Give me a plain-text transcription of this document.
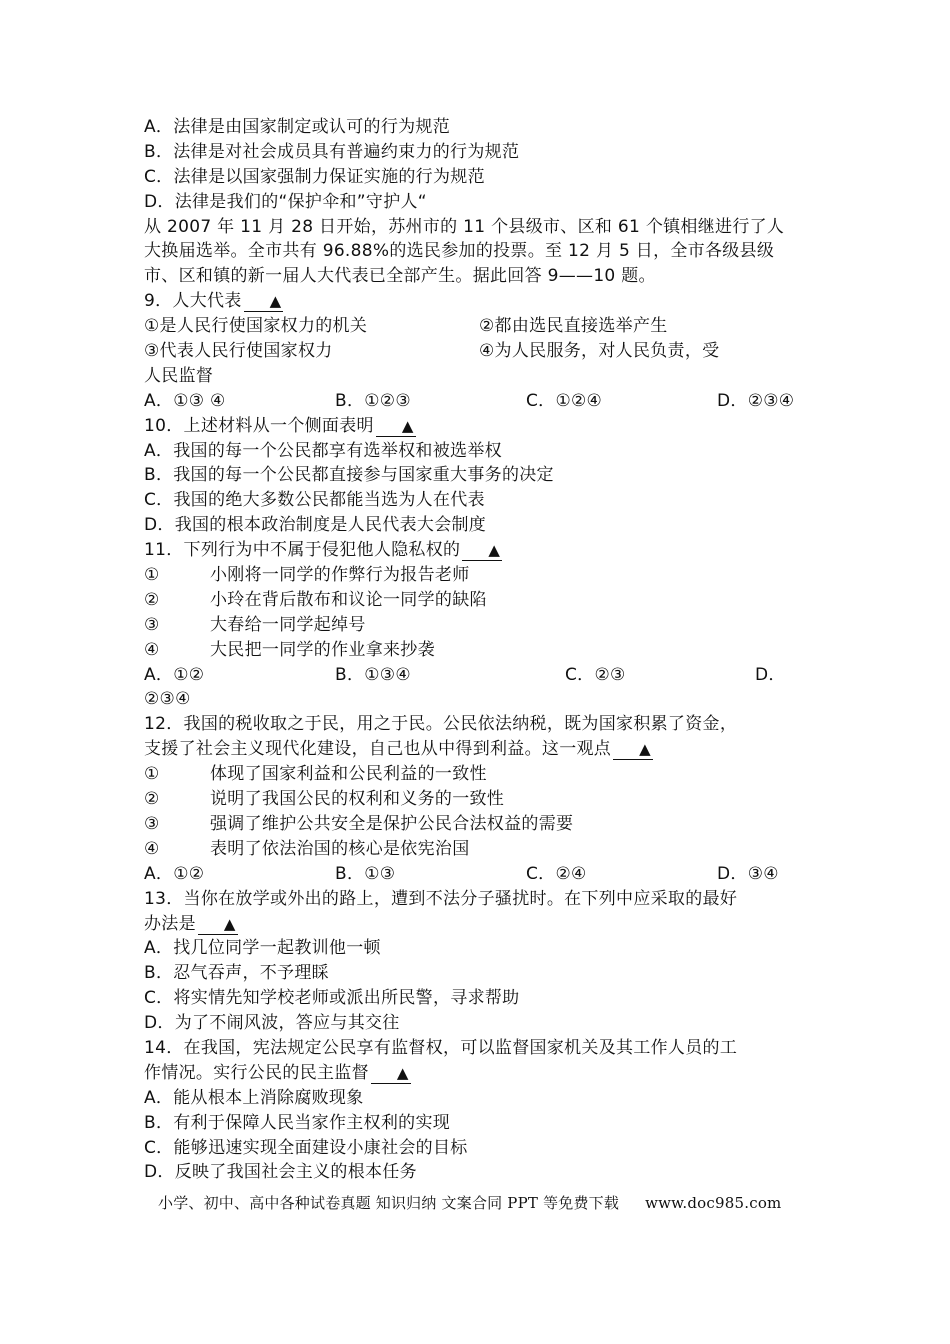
A．法律是由国家制定或认可的行为规范
B．法律是对社会成员具有普遍约束力的行为规范
C．法律是以国家强制力保证实施的行为规范
D．法律是我们的“保护伞和”守护人“
从 2007 年 11 月 28 日开始，苏州市的 11 个县级市、区和 61 个镇相继进行了人
大换届选举。全市共有 96.88%的选民参加的投票。至 12 月 5 日，全市各级县级
市、区和镇的新一届人大代表已全部产生。据此回答 9——10 题。
9．人大代表 ▲
①是人民行使国家权力的机关	②都由选民直接选举产生
③代表人民行使国家权力	④为人民服务，对人民负责，受
人民监督
A．①③ ④	B．①②③	C．①②④	D．②③④
10．上述材料从一个侧面表明 ▲
A．我国的每一个公民都享有选举权和被选举权
B．我国的每一个公民都直接参与国家重大事务的决定
C．我国的绝大多数公民都能当选为人在代表
D．我国的根本政治制度是人民代表大会制度
11．下列行为中不属于侵犯他人隐私权的 ▲
①	小刚将一同学的作弊行为报告老师
②	小玲在背后散布和议论一同学的缺陷
③	大春给一同学起绰号
④	大民把一同学的作业拿来抄袭
A．①②	B．①③④	C．②③	D．
②③④
12．我国的税收取之于民，用之于民。公民依法纳税，既为国家积累了资金，
支援了社会主义现代化建设，自己也从中得到利益。这一观点 ▲
①	体现了国家利益和公民利益的一致性
②	说明了我国公民的权利和义务的一致性
③	强调了维护公共安全是保护公民合法权益的需要
④	表明了依法治国的核心是依宪治国
A．①②	B．①③	C．②④	D．③④
13．当你在放学或外出的路上，遭到不法分子骚扰时。在下列中应采取的最好
办法是 ▲
A．找几位同学一起教训他一顿
B．忍气吞声，不予理睬
C．将实情先知学校老师或派出所民警，寻求帮助
D．为了不闹风波，答应与其交往
14．在我国，宪法规定公民享有监督权，可以监督国家机关及其工作人员的工
作情况。实行公民的民主监督 ▲
A．能从根本上消除腐败现象
B．有利于保障人民当家作主权利的实现
C．能够迅速实现全面建设小康社会的目标
D．反映了我国社会主义的根本任务
小学、初中、高中各种试卷真题 知识归纳 文案合同 PPT 等免费下载 www.doc985.com
